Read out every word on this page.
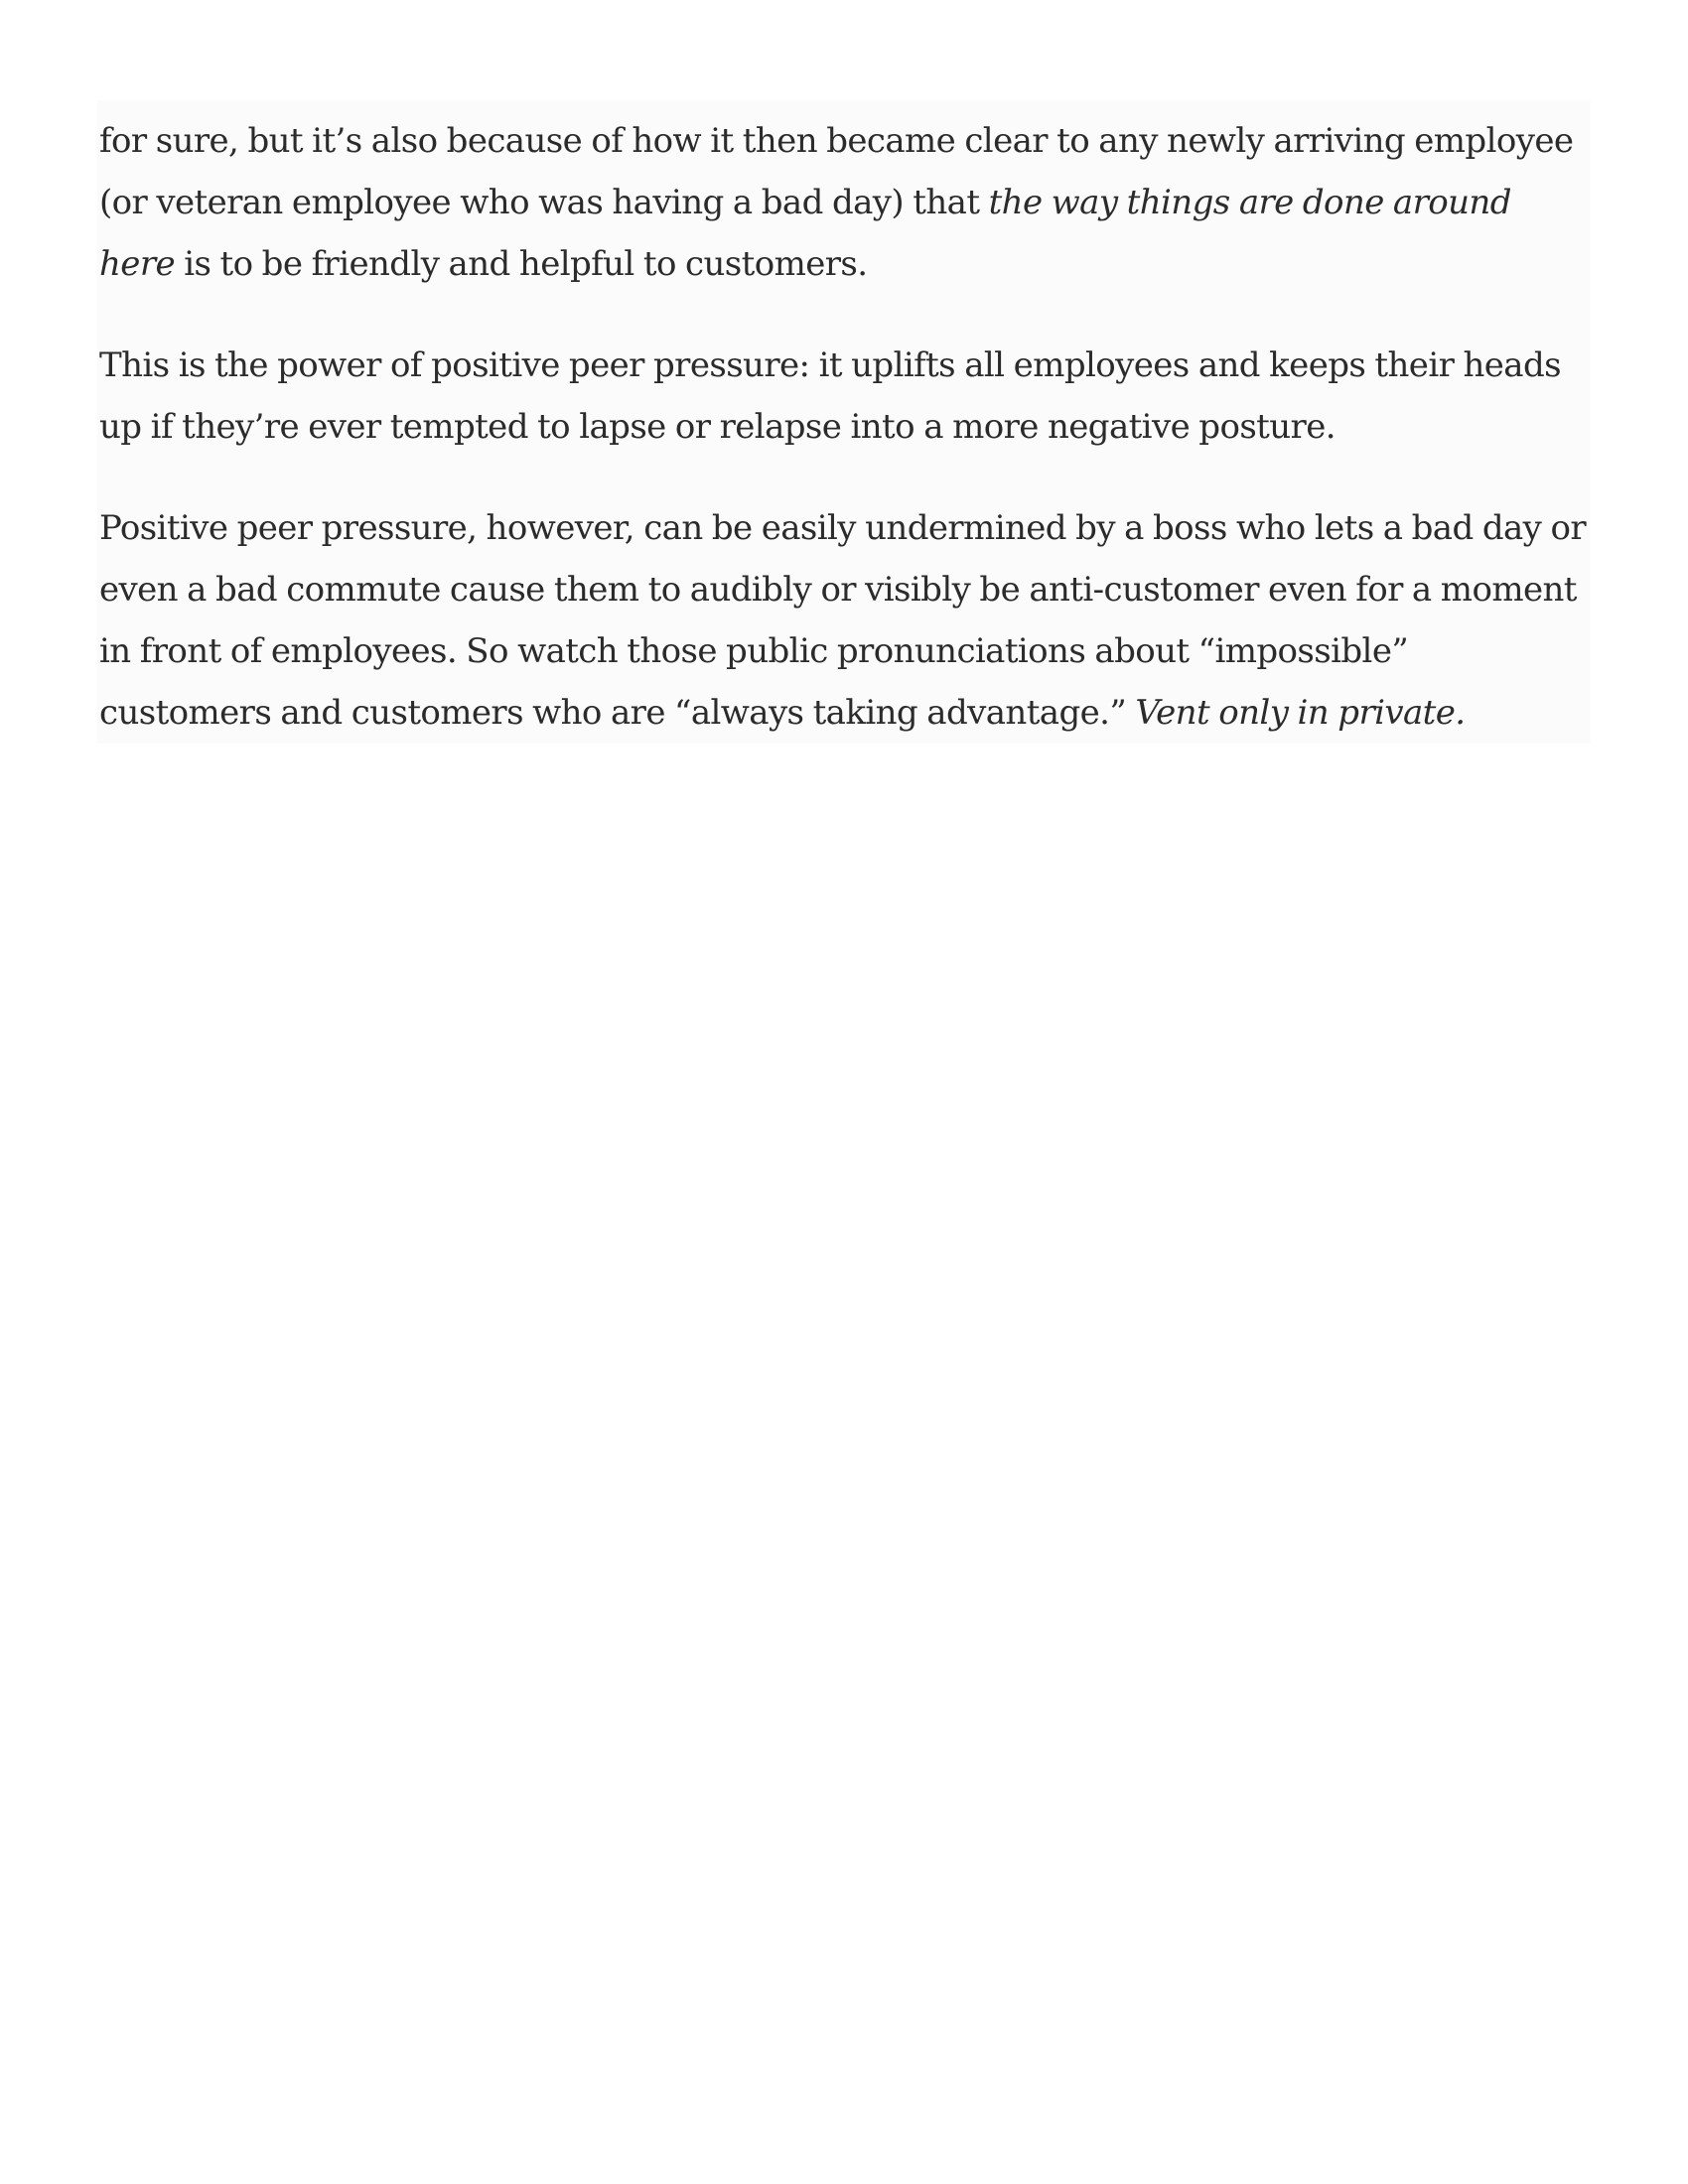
for sure, but it’s also because of how it then became clear to any newly arriving employee (or veteran employee who was having a bad day) that the way things are done around here is to be friendly and helpful to customers.

This is the power of positive peer pressure: it uplifts all employees and keeps their heads up if they’re ever tempted to lapse or relapse into a more negative posture.

Positive peer pressure, however, can be easily undermined by a boss who lets a bad day or even a bad commute cause them to audibly or visibly be anti-customer even for a moment in front of employees. So watch those public pronunciations about “impossible” customers and customers who are “always taking advantage.” Vent only in private.
